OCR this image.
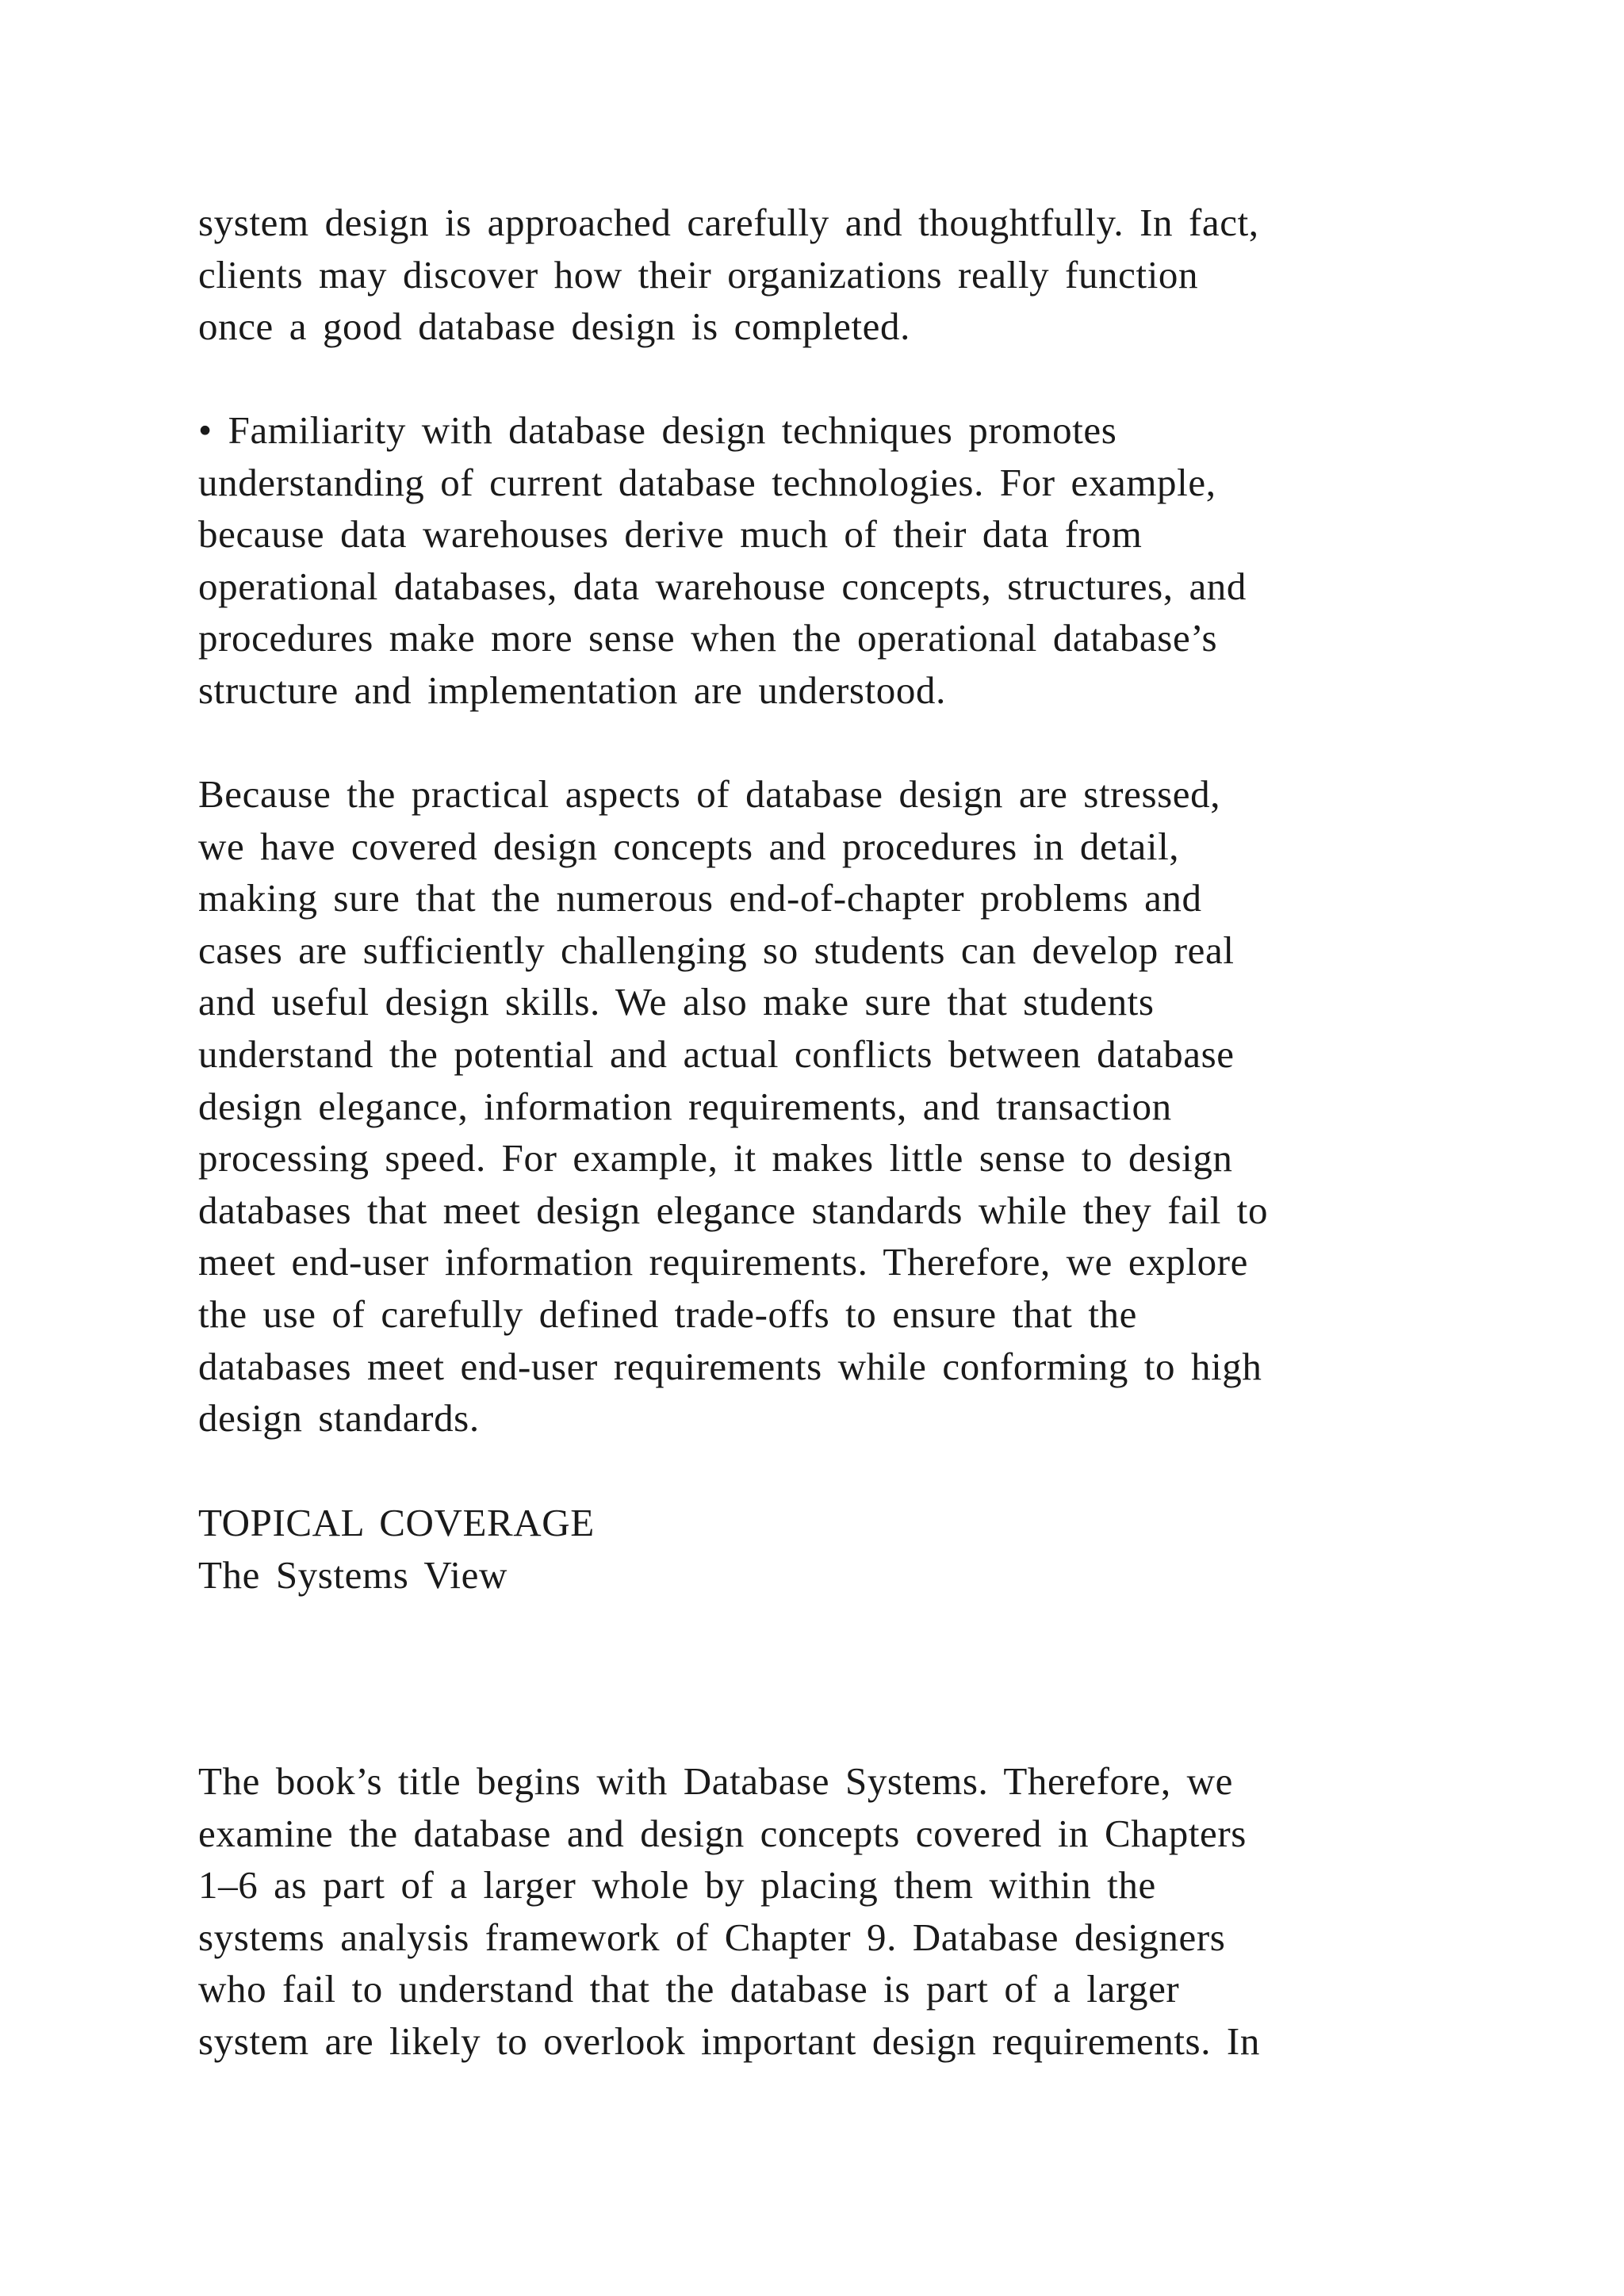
system design is approached carefully and thoughtfully. In fact,
clients may discover how their organizations really function
once a good database design is completed.
• Familiarity with database design techniques promotes
understanding of current database technologies. For example,
because data warehouses derive much of their data from
operational databases, data warehouse concepts, structures, and
procedures make more sense when the operational database’s
structure and implementation are understood.
Because the practical aspects of database design are stressed,
we have covered design concepts and procedures in detail,
making sure that the numerous end-of-chapter problems and
cases are sufficiently challenging so students can develop real
and useful design skills. We also make sure that students
understand the potential and actual conflicts between database
design elegance, information requirements, and transaction
processing speed. For example, it makes little sense to design
databases that meet design elegance standards while they fail to
meet end-user information requirements. Therefore, we explore
the use of carefully defined trade-offs to ensure that the
databases meet end-user requirements while conforming to high
design standards.
TOPICAL COVERAGE
The Systems View
The book’s title begins with Database Systems. Therefore, we
examine the database and design concepts covered in Chapters
1–6 as part of a larger whole by placing them within the
systems analysis framework of Chapter 9. Database designers
who fail to understand that the database is part of a larger
system are likely to overlook important design requirements. In
